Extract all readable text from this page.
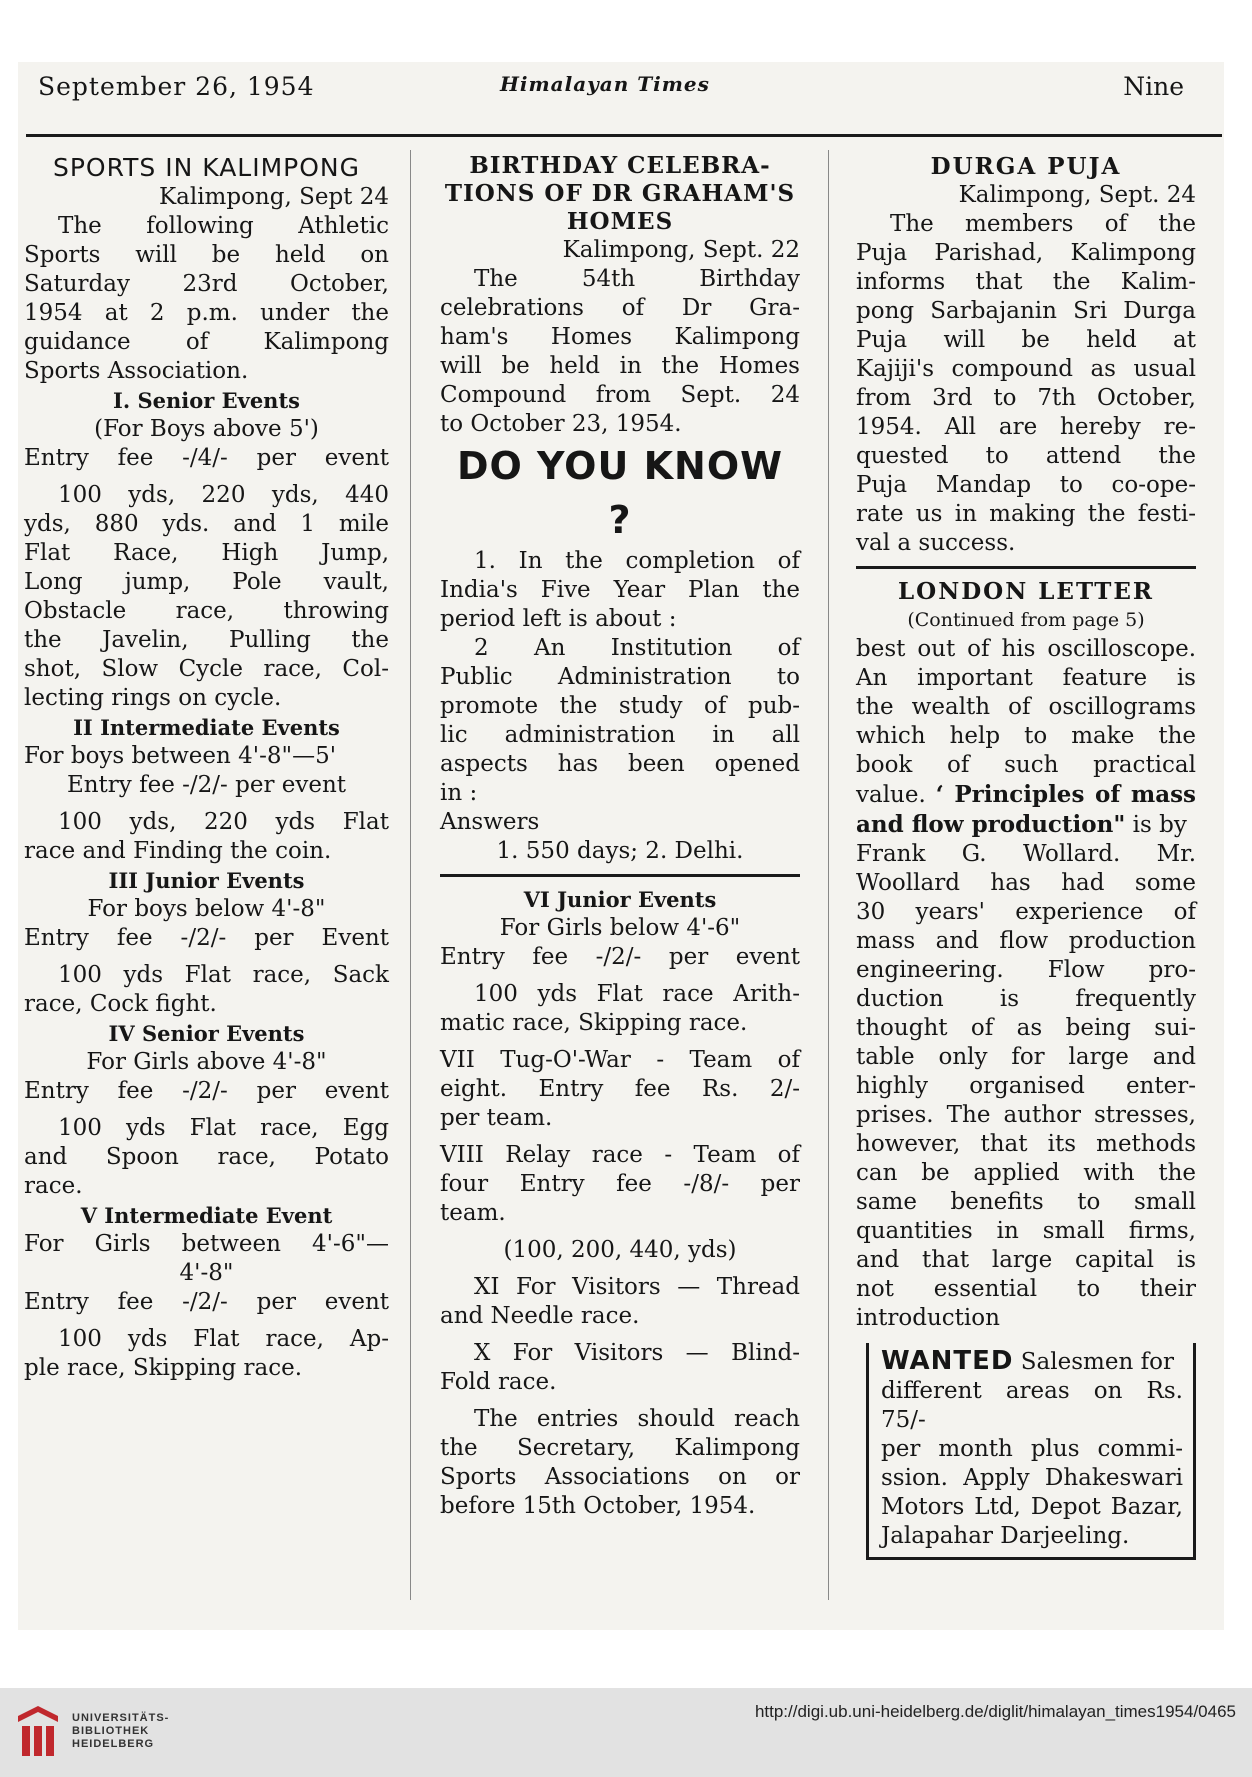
September 26, 1954	Himalayan Times	Nine

SPORTS IN KALIMPONG

Kalimpong, Sept 24

The following Athletic

Sports will be held on

Saturday 23rd October,

1954 at 2 p.m. under the

guidance of Kalimpong

Sports Association.

I. Senior Events

(For Boys above 5')

Entry fee -/4/- per event

100 yds, 220 yds, 440

yds, 880 yds. and 1 mile

Flat Race, High Jump,

Long jump, Pole vault,

Obstacle race, throwing

the Javelin, Pulling the

shot, Slow Cycle race, Col-

lecting rings on cycle.

II Intermediate Events

For boys between 4'-8"—5'

Entry fee -/2/- per event

100 yds, 220 yds Flat

race and Finding the coin.

III Junior Events

For boys below 4'-8"

Entry fee -/2/- per Event

100 yds Flat race, Sack

race, Cock fight.

IV Senior Events

For Girls above 4'-8"

Entry fee -/2/- per event

100 yds Flat race, Egg

and Spoon race, Potato

race.

V Intermediate Event

For Girls between 4'-6"—

4'-8"

Entry fee -/2/- per event

100 yds Flat race, Ap-

ple race, Skipping race.

BIRTHDAY CELEBRA-

TIONS OF DR GRAHAM'S

HOMES

Kalimpong, Sept. 22

The 54th Birthday

celebrations of Dr Gra-

ham's Homes Kalimpong

will be held in the Homes

Compound from Sept. 24

to October 23, 1954.

DO YOU KNOW ?

1. In the completion of

India's Five Year Plan the

period left is about :

2 An Institution of

Public Administration to

promote the study of pub-

lic administration in all

aspects has been opened

in :

Answers

1. 550 days; 2. Delhi.

VI Junior Events

For Girls below 4'-6"

Entry fee -/2/- per event

100 yds Flat race Arith-

matic race, Skipping race.

VII Tug-O'-War - Team of

eight. Entry fee Rs. 2/-

per team.

VIII Relay race - Team of

four Entry fee -/8/- per

team.

(100, 200, 440, yds)

XI For Visitors — Thread

and Needle race.

X For Visitors — Blind-

Fold race.

The entries should reach

the Secretary, Kalimpong

Sports Associations on or

before 15th October, 1954.

DURGA PUJA

Kalimpong, Sept. 24

The members of the

Puja Parishad, Kalimpong

informs that the Kalim-

pong Sarbajanin Sri Durga

Puja will be held at

Kajiji's compound as usual

from 3rd to 7th October,

1954. All are hereby re-

quested to attend the

Puja Mandap to co-ope-

rate us in making the festi-

val a success.

LONDON LETTER

(Continued from page 5)

best out of his oscilloscope.

An important feature is

the wealth of oscillograms

which help to make the

book of such practical

value. ‘ Principles of mass and flow production" is by

Frank G. Wollard. Mr.

Woollard has had some

30 years' experience of

mass and flow production

engineering. Flow pro-

duction is frequently

thought of as being sui-

table only for large and

highly organised enter-

prises. The author stresses,

however, that its methods

can be applied with the

same benefits to small

quantities in small firms,

and that large capital is

not essential to their

introduction

WANTED Salesmen for

different areas on Rs. 75/-

per month plus commi-

ssion. Apply Dhakeswari

Motors Ltd, Depot Bazar,

Jalapahar Darjeeling.

UNIVERSITÄTS-
BIBLIOTHEK
HEIDELBERG
http://digi.ub.uni-heidelberg.de/diglit/himalayan_times1954/0465
